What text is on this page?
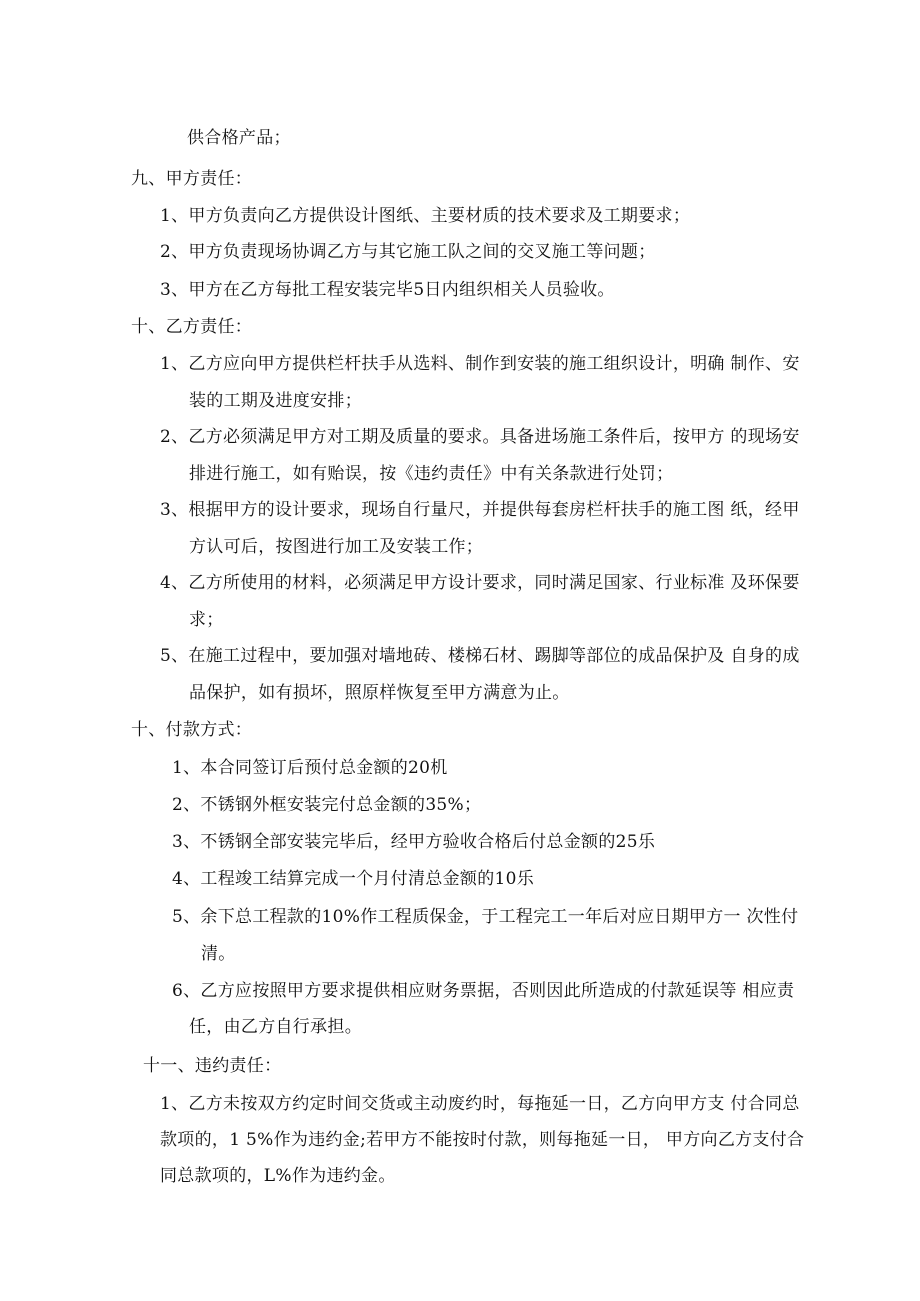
供合格产品；
九、甲方责任：
1、甲方负责向乙方提供设计图纸、主要材质的技术要求及工期要求；
2、甲方负责现场协调乙方与其它施工队之间的交叉施工等问题；
3、甲方在乙方每批工程安装完毕5日内组织相关人员验收。
十、乙方责任：
1、乙方应向甲方提供栏杆扶手从选料、制作到安装的施工组织设计，明确 制作、安
装的工期及进度安排；
2、乙方必须满足甲方对工期及质量的要求。具备进场施工条件后，按甲方 的现场安
排进行施工，如有贻误，按《违约责任》中有关条款进行处罚；
3、根据甲方的设计要求，现场自行量尺，并提供每套房栏杆扶手的施工图 纸，经甲
方认可后，按图进行加工及安装工作；
4、乙方所使用的材料，必须满足甲方设计要求，同时满足国家、行业标准 及环保要
求；
5、在施工过程中，要加强对墙地砖、楼梯石材、踢脚等部位的成品保护及 自身的成
品保护，如有损坏，照原样恢复至甲方满意为止。
十、付款方式：
1、本合同签订后预付总金额的20机
2、不锈钢外框安装完付总金额的35%；
3、不锈钢全部安装完毕后，经甲方验收合格后付总金额的25乐
4、工程竣工结算完成一个月付清总金额的10乐
5、余下总工程款的10%作工程质保金，于工程完工一年后对应日期甲方一 次性付
清。
6、乙方应按照甲方要求提供相应财务票据，否则因此所造成的付款延误等 相应责
任，由乙方自行承担。
十一、违约责任：
1、乙方未按双方约定时间交货或主动废约时，每拖延一日，乙方向甲方支 付合同总
款项的，1 5%作为违约金;若甲方不能按时付款，则每拖延一日， 甲方向乙方支付合
同总款项的，L%作为违约金。
